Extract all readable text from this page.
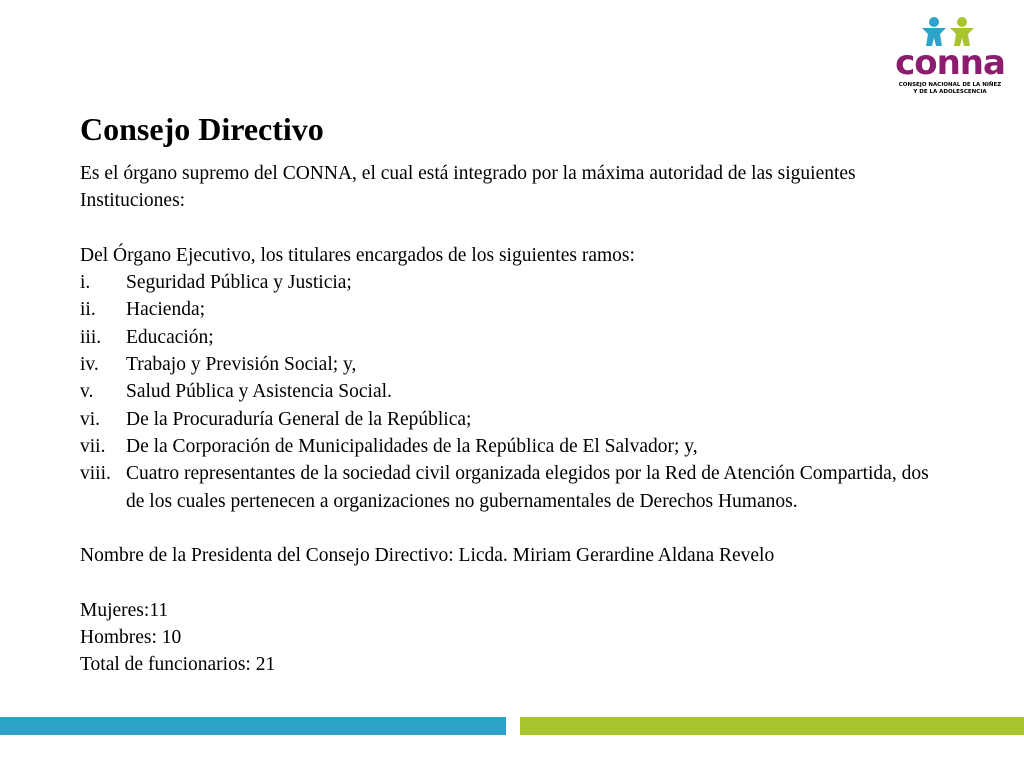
conna
CONSEJO NACIONAL DE LA NIÑEZ
Y DE LA ADOLESCENCIA
Consejo Directivo

Es el órgano supremo del CONNA, el cual está integrado por la máxima autoridad de las siguientes Instituciones:

Del Órgano Ejecutivo, los titulares encargados de los siguientes ramos:

i.	Seguridad Pública y Justicia;
ii.	Hacienda;
iii.	Educación;
iv.	Trabajo y Previsión Social; y,
v.	Salud Pública y Asistencia Social.
vi.	De la Procuraduría General de la República;
vii.	De la Corporación de Municipalidades de la República de El Salvador; y,
viii. Cuatro representantes de la sociedad civil organizada elegidos por la Red de Atención Compartida, dos de los cuales pertenecen a organizaciones no gubernamentales de Derechos Humanos.

Nombre de la Presidenta del Consejo Directivo: Licda. Miriam Gerardine Aldana Revelo

Mujeres:11

Hombres: 10

Total de funcionarios: 21
